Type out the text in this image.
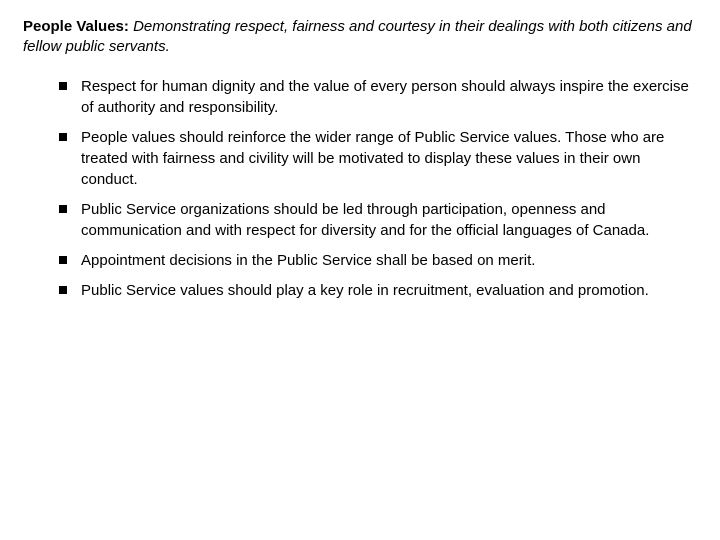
People Values: Demonstrating respect, fairness and courtesy in their dealings with both citizens and fellow public servants.

Respect for human dignity and the value of every person should always inspire the exercise of authority and responsibility.
People values should reinforce the wider range of Public Service values. Those who are treated with fairness and civility will be motivated to display these values in their own conduct.
Public Service organizations should be led through participation, openness and communication and with respect for diversity and for the official languages of Canada.
Appointment decisions in the Public Service shall be based on merit.
Public Service values should play a key role in recruitment, evaluation and promotion.
